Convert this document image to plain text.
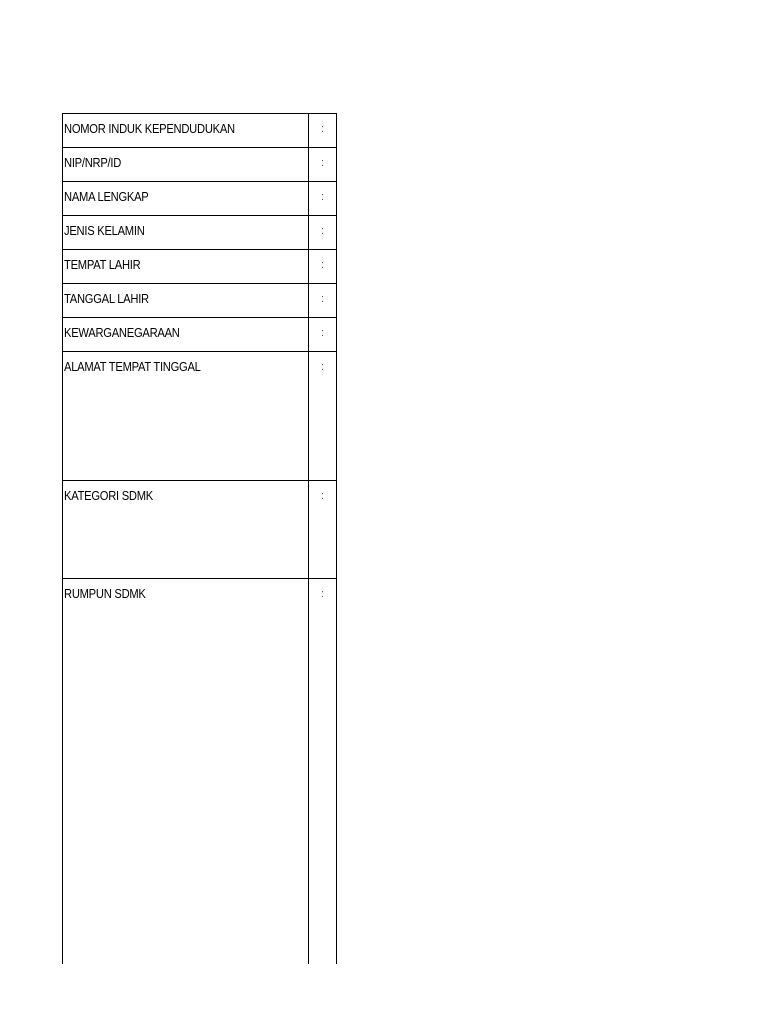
NOMOR INDUK KEPENDUDUKAN	:
NIP/NRP/ID	:
NAMA LENGKAP	:
JENIS KELAMIN	:
TEMPAT LAHIR	:
TANGGAL LAHIR	:
KEWARGANEGARAAN	:
ALAMAT TEMPAT TINGGAL	:
KATEGORI SDMK	:
RUMPUN SDMK	:
